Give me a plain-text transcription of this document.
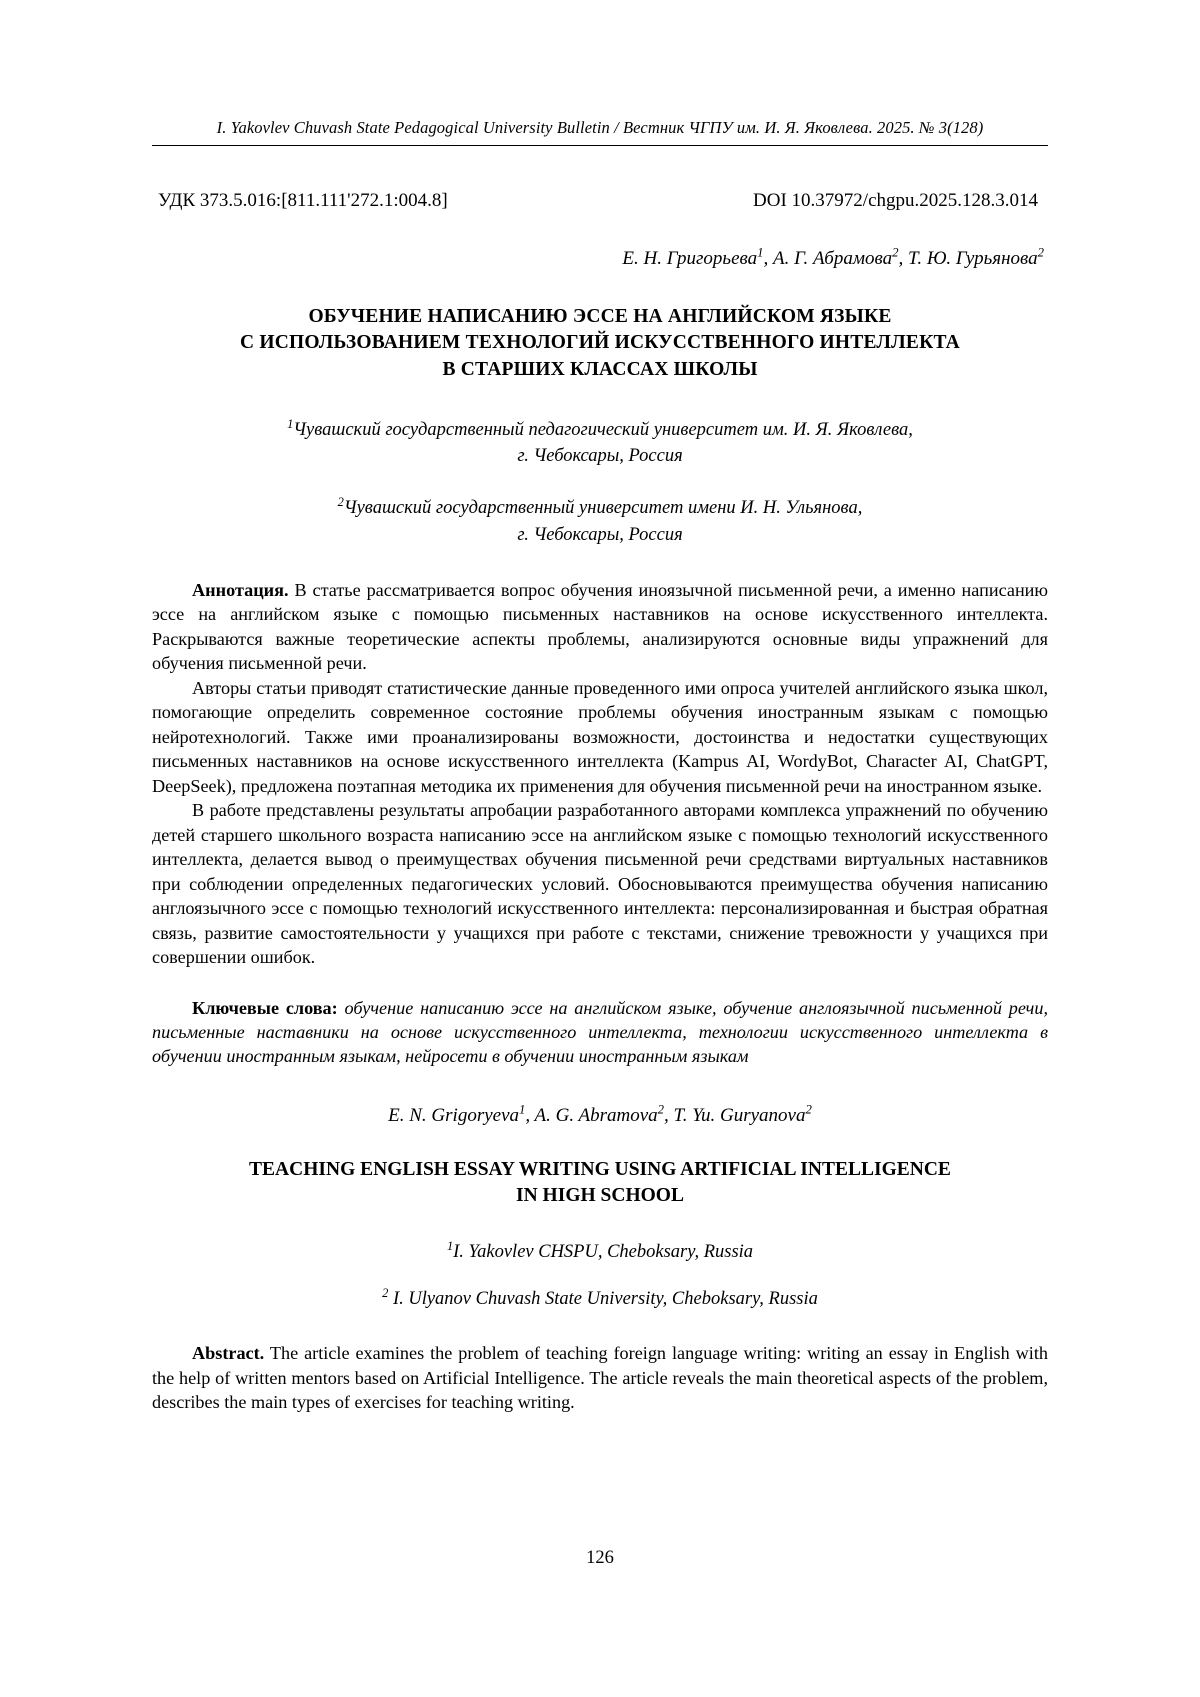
I. Yakovlev Chuvash State Pedagogical University Bulletin / Вестник ЧГПУ им. И. Я. Яковлева. 2025. № 3(128)
УДК 373.5.016:[811.111'272.1:004.8]	DOI 10.37972/chgpu.2025.128.3.014
Е. Н. Григорьева$^1$, А. Г. Абрамова$^2$, Т. Ю. Гурьянова$^2$
ОБУЧЕНИЕ НАПИСАНИЮ ЭССЕ НА АНГЛИЙСКОМ ЯЗЫКЕ
С ИСПОЛЬЗОВАНИЕМ ТЕХНОЛОГИЙ ИСКУССТВЕННОГО ИНТЕЛЛЕКТА
В СТАРШИХ КЛАССАХ ШКОЛЫ
$^1$Чувашский государственный педагогический университет им. И. Я. Яковлева,
г. Чебоксары, Россия
$^2$Чувашский государственный университет имени И. Н. Ульянова,
г. Чебоксары, Россия

Аннотация. В статье рассматривается вопрос обучения иноязычной письменной речи, а именно написанию эссе на английском языке с помощью письменных наставников на основе искусственного интеллекта. Раскрываются важные теоретические аспекты проблемы, анализируются основные виды упражнений для обучения письменной речи.

Авторы статьи приводят статистические данные проведенного ими опроса учителей английского языка школ, помогающие определить современное состояние проблемы обучения иностранным языкам с помощью нейротехнологий. Также ими проанализированы возможности, достоинства и недостатки существующих письменных наставников на основе искусственного интеллекта (Kampus AI, WordyBot, Character AI, ChatGPT, DeepSeek), предложена поэтапная методика их применения для обучения письменной речи на иностранном языке.

В работе представлены результаты апробации разработанного авторами комплекса упражнений по обучению детей старшего школьного возраста написанию эссе на английском языке с помощью технологий искусственного интеллекта, делается вывод о преимуществах обучения письменной речи средствами виртуальных наставников при соблюдении определенных педагогических условий. Обосновываются преимущества обучения написанию англоязычного эссе с помощью технологий искусственного интеллекта: персонализированная и быстрая обратная связь, развитие самостоятельности у учащихся при работе с текстами, снижение тревожности у учащихся при совершении ошибок.

Ключевые слова: обучение написанию эссе на английском языке, обучение англоязычной письменной речи, письменные наставники на основе искусственного интеллекта, технологии искусственного интеллекта в обучении иностранным языкам, нейросети в обучении иностранным языкам
E. N. Grigoryeva$^1$, A. G. Abramova$^2$, T. Yu. Guryanova$^2$
TEACHING ENGLISH ESSAY WRITING USING ARTIFICIAL INTELLIGENCE
IN HIGH SCHOOL
$^1$I. Yakovlev CHSPU, Cheboksary, Russia
$^2$ I. Ulyanov Chuvash State University, Cheboksary, Russia

Abstract. The article examines the problem of teaching foreign language writing: writing an essay in English with the help of written mentors based on Artificial Intelligence. The article reveals the main theoretical aspects of the problem, describes the main types of exercises for teaching writing.

126
